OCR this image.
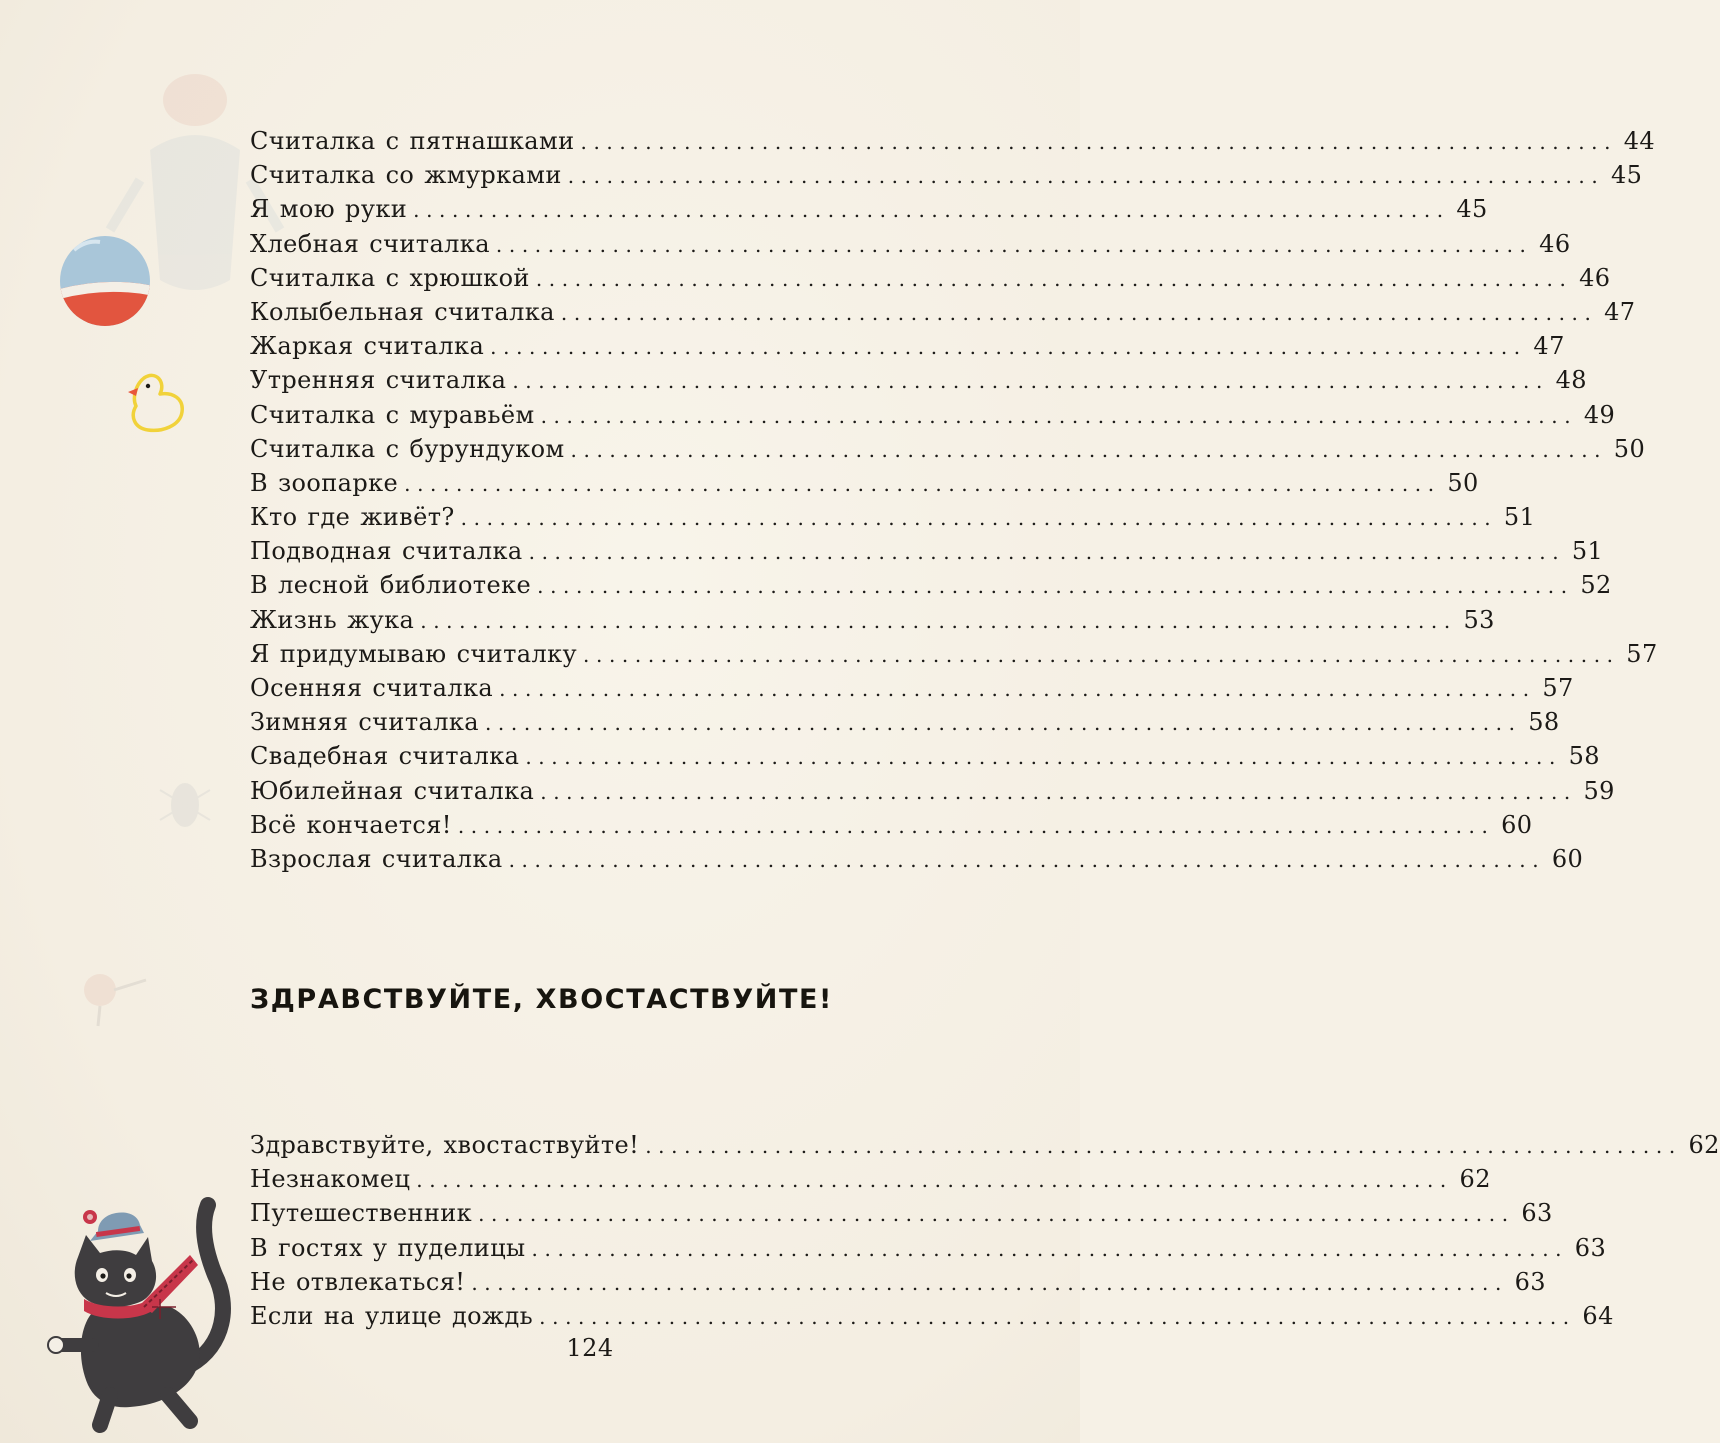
Считалка с пятнашками ................................................................................ 44
Считалка со жмурками ................................................................................ 45
Я мою руки ................................................................................ 45
Хлебная считалка ................................................................................ 46
Считалка с хрюшкой ................................................................................ 46
Колыбельная считалка ................................................................................ 47
Жаркая считалка ................................................................................ 47
Утренняя считалка ................................................................................ 48
Считалка с муравьём ................................................................................ 49
Считалка с бурундуком ................................................................................ 50
В зоопарке ................................................................................ 50
Кто где живёт? ................................................................................ 51
Подводная считалка ................................................................................ 51
В лесной библиотеке ................................................................................ 52
Жизнь жука ................................................................................ 53
Я придумываю считалку ................................................................................ 57
Осенняя считалка ................................................................................ 57
Зимняя считалка ................................................................................ 58
Свадебная считалка ................................................................................ 58
Юбилейная считалка ................................................................................ 59
Всё кончается! ................................................................................ 60
Взрослая считалка ................................................................................ 60
ЗДРАВСТВУЙТЕ, ХВОСТАСТВУЙТЕ!
Здравствуйте, хвостаствуйте! ................................................................................ 62
Незнакомец ................................................................................ 62
Путешественник ................................................................................ 63
В гостях у пуделицы ................................................................................ 63
Не отвлекаться! ................................................................................ 63
Если на улице дождь ................................................................................ 64
124
